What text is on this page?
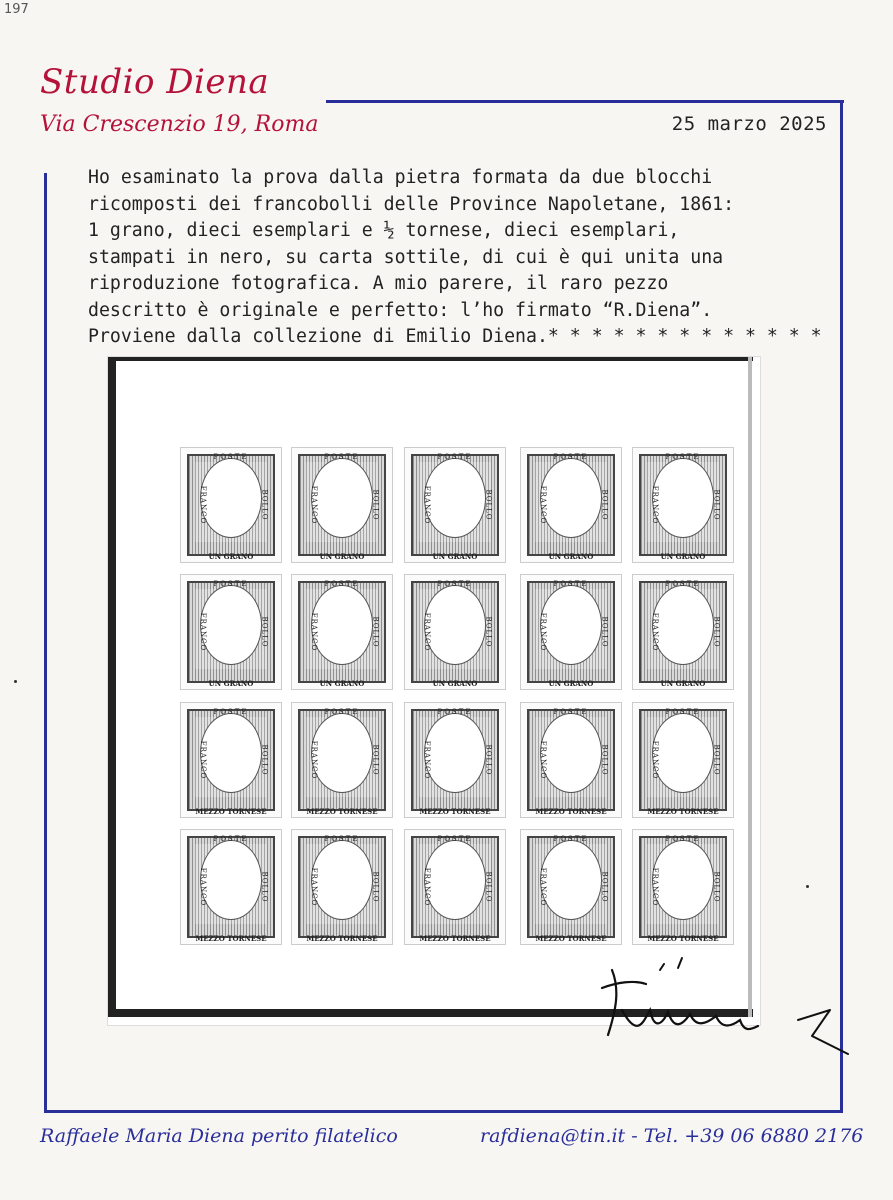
197
Studio Diena
Via Crescenzio 19, Roma	25 marzo 2025
Ho esaminato la prova dalla pietra formata da due blocchi
ricomposti dei francobolli delle Province Napoletane, 1861:
1 grano, dieci esemplari e ½ tornese, dieci esemplari,
stampati in nero, su carta sottile, di cui è qui unita una
riproduzione fotografica. A mio parere, il raro pezzo
descritto è originale e perfetto: l’ho firmato “R.Diena”.
Proviene dalla collezione di Emilio Diena.* * * * * * * * * * * * *
POSTE
FRANCO	BOLLO
UN GRANO
POSTE
FRANCO	BOLLO
UN GRANO
POSTE
FRANCO	BOLLO
UN GRANO
POSTE
FRANCO	BOLLO
UN GRANO
POSTE
FRANCO	BOLLO
UN GRANO
POSTE
FRANCO	BOLLO
UN GRANO
POSTE
FRANCO	BOLLO
UN GRANO
POSTE
FRANCO	BOLLO
UN GRANO
POSTE
FRANCO	BOLLO
UN GRANO
POSTE
FRANCO	BOLLO
UN GRANO
POSTE
FRANCO	BOLLO
MEZZO TORNESE
POSTE
FRANCO	BOLLO
MEZZO TORNESE
POSTE
FRANCO	BOLLO
MEZZO TORNESE
POSTE
FRANCO	BOLLO
MEZZO TORNESE
POSTE
FRANCO	BOLLO
MEZZO TORNESE
POSTE
FRANCO	BOLLO
MEZZO TORNESE
POSTE
FRANCO	BOLLO
MEZZO TORNESE
POSTE
FRANCO	BOLLO
MEZZO TORNESE
POSTE
FRANCO	BOLLO
MEZZO TORNESE
POSTE
FRANCO	BOLLO
MEZZO TORNESE
Raffaele Maria Diena perito filatelico	rafdiena@tin.it - Tel. +39 06 6880 2176
